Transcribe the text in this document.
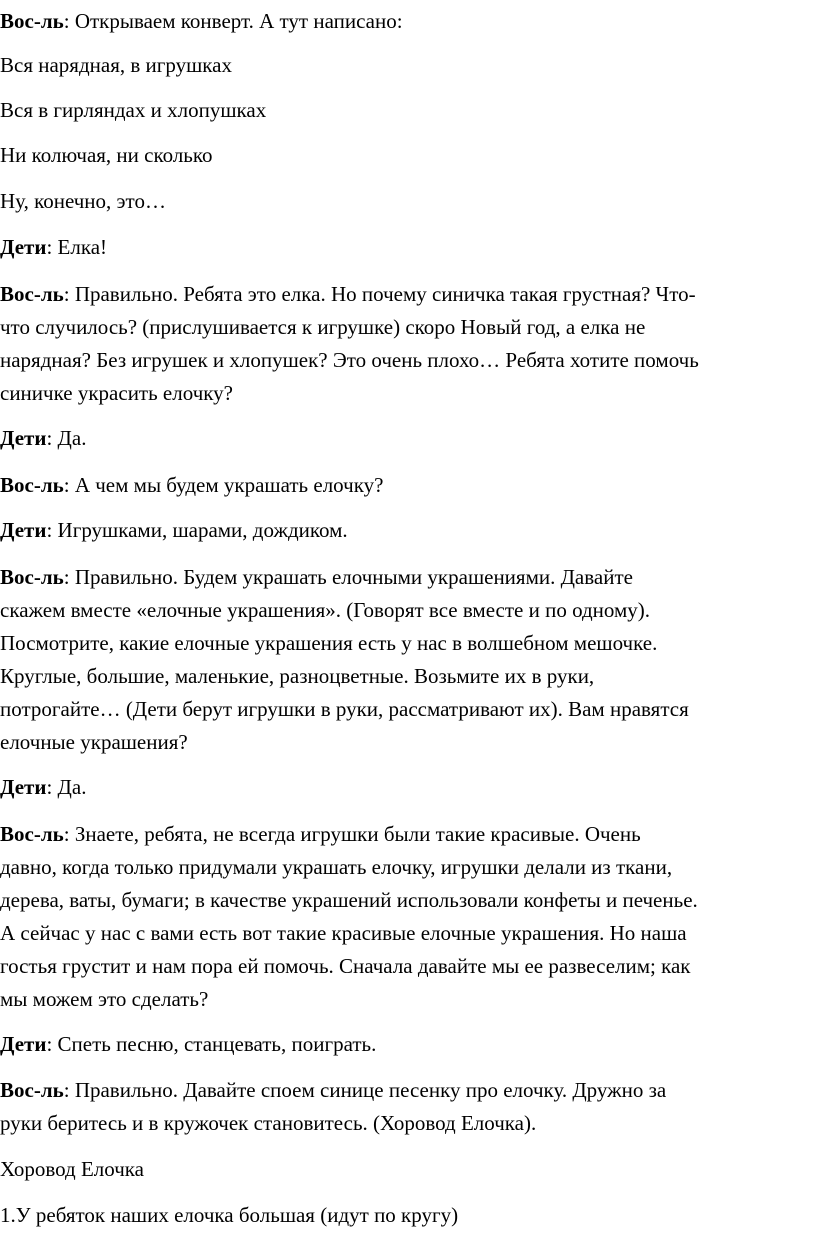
Вос-ль: Открываем конверт. А тут написано:
Вся нарядная, в игрушках
Вся в гирляндах и хлопушках
Ни колючая, ни сколько
Ну, конечно, это…
Дети: Елка!
Вос-ль: Правильно. Ребята это елка. Но почему синичка такая грустная? Что-
что случилось? (прислушивается к игрушке) скоро Новый год, а елка не
нарядная? Без игрушек и хлопушек? Это очень плохо… Ребята хотите помочь
синичке украсить елочку?
Дети: Да.
Вос-ль: А чем мы будем украшать елочку?
Дети: Игрушками, шарами, дождиком.
Вос-ль: Правильно. Будем украшать елочными украшениями. Давайте
скажем вместе «елочные украшения». (Говорят все вместе и по одному).
Посмотрите, какие елочные украшения есть у нас в волшебном мешочке.
Круглые, большие, маленькие, разноцветные. Возьмите их в руки,
потрогайте… (Дети берут игрушки в руки, рассматривают их). Вам нравятся
елочные украшения?
Дети: Да.
Вос-ль: Знаете, ребята, не всегда игрушки были такие красивые. Очень
давно, когда только придумали украшать елочку, игрушки делали из ткани,
дерева, ваты, бумаги; в качестве украшений использовали конфеты и печенье.
А сейчас у нас с вами есть вот такие красивые елочные украшения. Но наша
гостья грустит и нам пора ей помочь. Сначала давайте мы ее развеселим; как
мы можем это сделать?
Дети: Спеть песню, станцевать, поиграть.
Вос-ль: Правильно. Давайте споем синице песенку про елочку. Дружно за
руки беритесь и в кружочек становитесь. (Хоровод Елочка).
Хоровод Елочка
1.У ребяток наших елочка большая (идут по кругу)
